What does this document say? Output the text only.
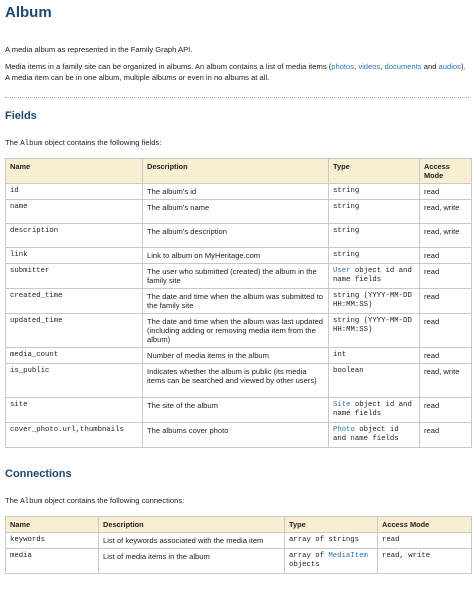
Album

A media album as represented in the Family Graph API.

Media items in a family site can be organized in albums. An album contains a list of media items (photos, videos, documents and audios). A media item can be in one album, multiple albums or even in no albums at all.

Fields

The Album object contains the following fields:

Name	Description	Type	Access Mode
id	The album's id	string	read
name	The album's name	string	read, write
description	The album's description	string	read, write
link	Link to album on MyHeritage.com	string	read
submitter	The user who submitted (created) the album in the family site	User object id and name fields	read
created_time	The date and time when the album was submitted to the family site	string (YYYY-MM-DD HH:MM:SS)	read
updated_time	The date and time when the album was last updated (including adding or removing media item from the album)	string (YYYY-MM-DD HH:MM:SS)	read
media_count	Number of media items in the album	int	read
is_public	Indicates whether the album is public (its media items can be searched and viewed by other users)	boolean	read, write
site	The site of the album	Site object id and name fields	read
cover_photo.url,thumbnails	The albums cover photo	Photo object id and name fields	read
Connections

The Album object contains the following connections:

Name	Description	Type	Access Mode
keywords	List of keywords associated with the media item	array of strings	read
media	List of media items in the album	array of MediaItem objects	read, write
